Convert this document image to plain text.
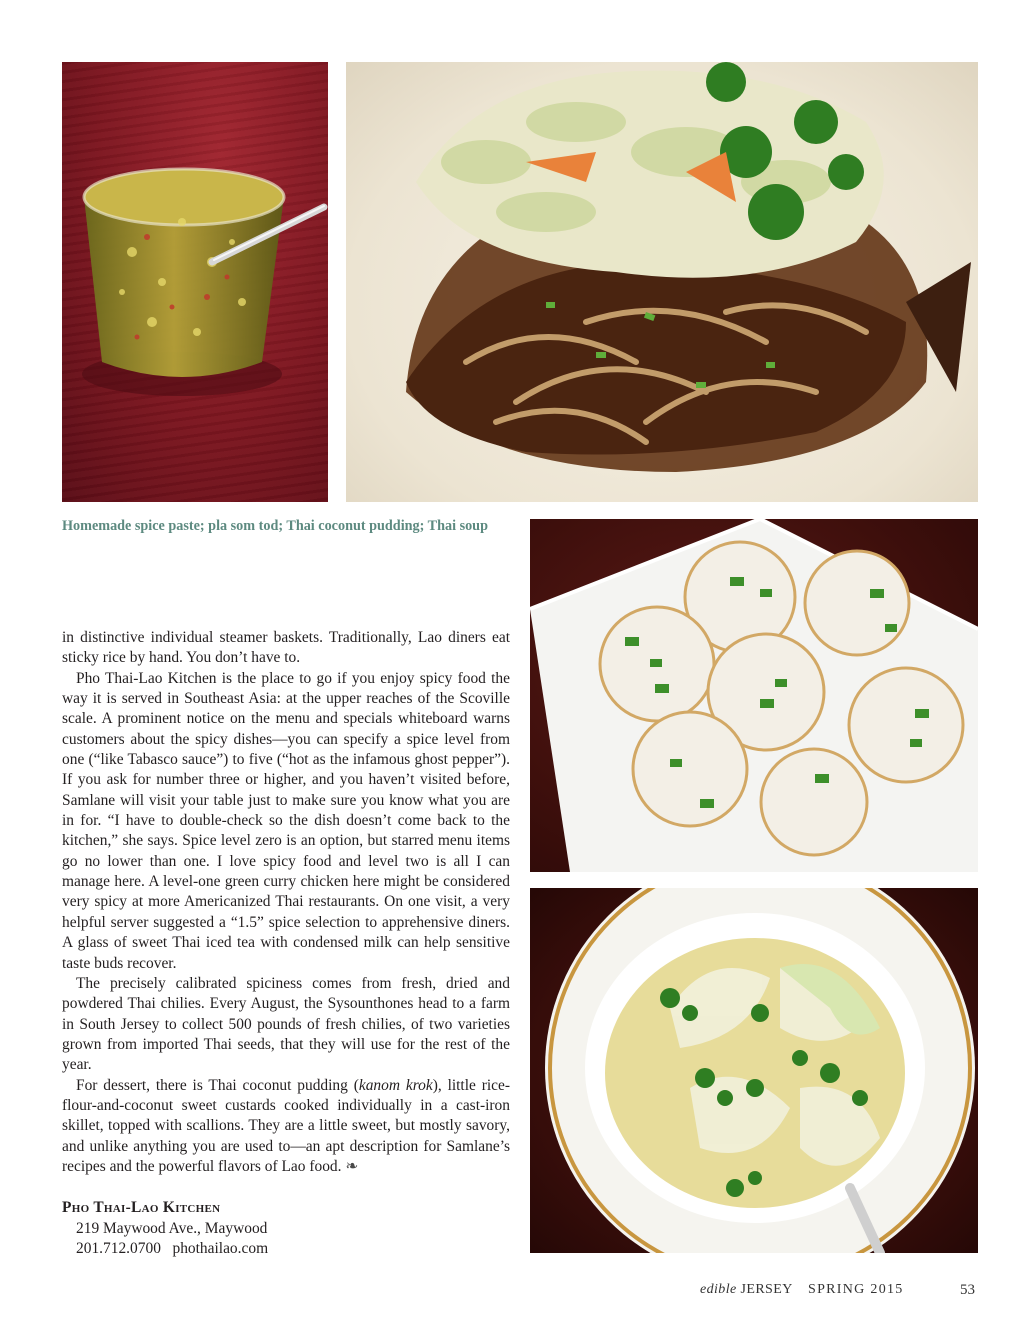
Homemade spice paste; pla som tod; Thai coconut pudding; Thai soup

in distinctive individual steamer baskets. Traditionally, Lao diners eat sticky rice by hand. You don’t have to.

Pho Thai-Lao Kitchen is the place to go if you enjoy spicy food the way it is served in Southeast Asia: at the upper reaches of the Scoville scale. A prominent notice on the menu and specials whiteboard warns customers about the spicy dishes—you can specify a spice level from one (“like Tabasco sauce”) to five (“hot as the infamous ghost pepper”). If you ask for number three or higher, and you haven’t visited before, Samlane will visit your table just to make sure you know what you are in for. “I have to double-check so the dish doesn’t come back to the kitchen,” she says. Spice level zero is an option, but starred menu items go no lower than one. I love spicy food and level two is all I can manage here. A level-one green curry chicken here might be considered very spicy at more Americanized Thai restaurants. On one visit, a very helpful server suggested a “1.5” spice selection to apprehensive diners. A glass of sweet Thai iced tea with condensed milk can help sensitive taste buds recover.

The precisely calibrated spiciness comes from fresh, dried and powdered Thai chilies. Every August, the Sysounthones head to a farm in South Jersey to collect 500 pounds of fresh chilies, of two varieties grown from imported Thai seeds, that they will use for the rest of the year.

For dessert, there is Thai coconut pudding (kanom krok), little rice-flour-and-coconut sweet custards cooked individually in a cast-iron skillet, topped with scallions. They are a little sweet, but mostly savory, and unlike anything you are used to—an apt description for Samlane’s recipes and the powerful flavors of Lao food. ❧

Pho Thai-Lao Kitchen
219 Maywood Ave., Maywood
201.712.0700 phothailao.com
edible JERSEY SPRING 2015	53
